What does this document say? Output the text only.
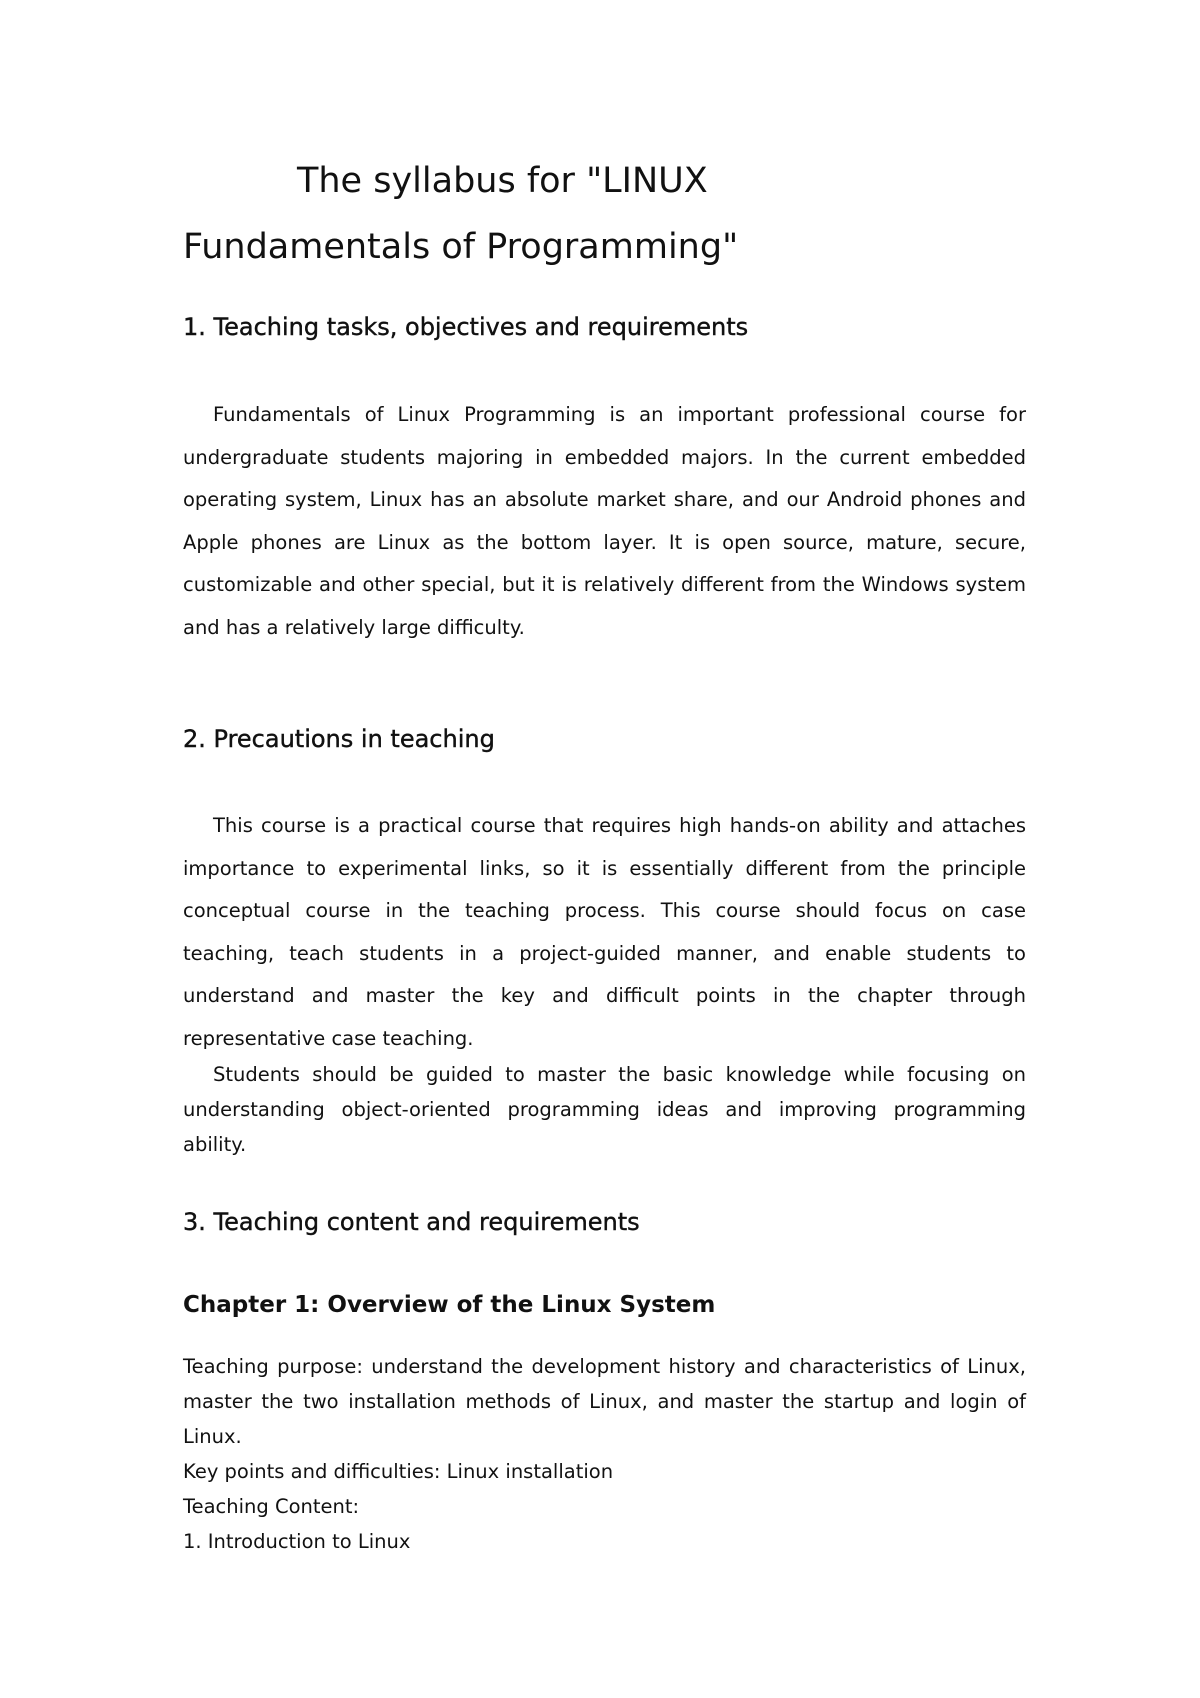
The syllabus for "LINUX
Fundamentals of Programming"
1. Teaching tasks, objectives and requirements

Fundamentals of Linux Programming is an important professional course for undergraduate students majoring in embedded majors. In the current embedded operating system, Linux has an absolute market share, and our Android phones and Apple phones are Linux as the bottom layer. It is open source, mature, secure, customizable and other special, but it is relatively different from the Windows system and has a relatively large difficulty.

2. Precautions in teaching

This course is a practical course that requires high hands-on ability and attaches importance to experimental links, so it is essentially different from the principle conceptual course in the teaching process. This course should focus on case teaching, teach students in a project-guided manner, and enable students to understand and master the key and difficult points in the chapter through representative case teaching.

Students should be guided to master the basic knowledge while focusing on understanding object-oriented programming ideas and improving programming ability.

3. Teaching content and requirements
Chapter 1: Overview of the Linux System

Teaching purpose: understand the development history and characteristics of Linux, master the two installation methods of Linux, and master the startup and login of Linux.

Key points and difficulties: Linux installation

Teaching Content:

1. Introduction to Linux
